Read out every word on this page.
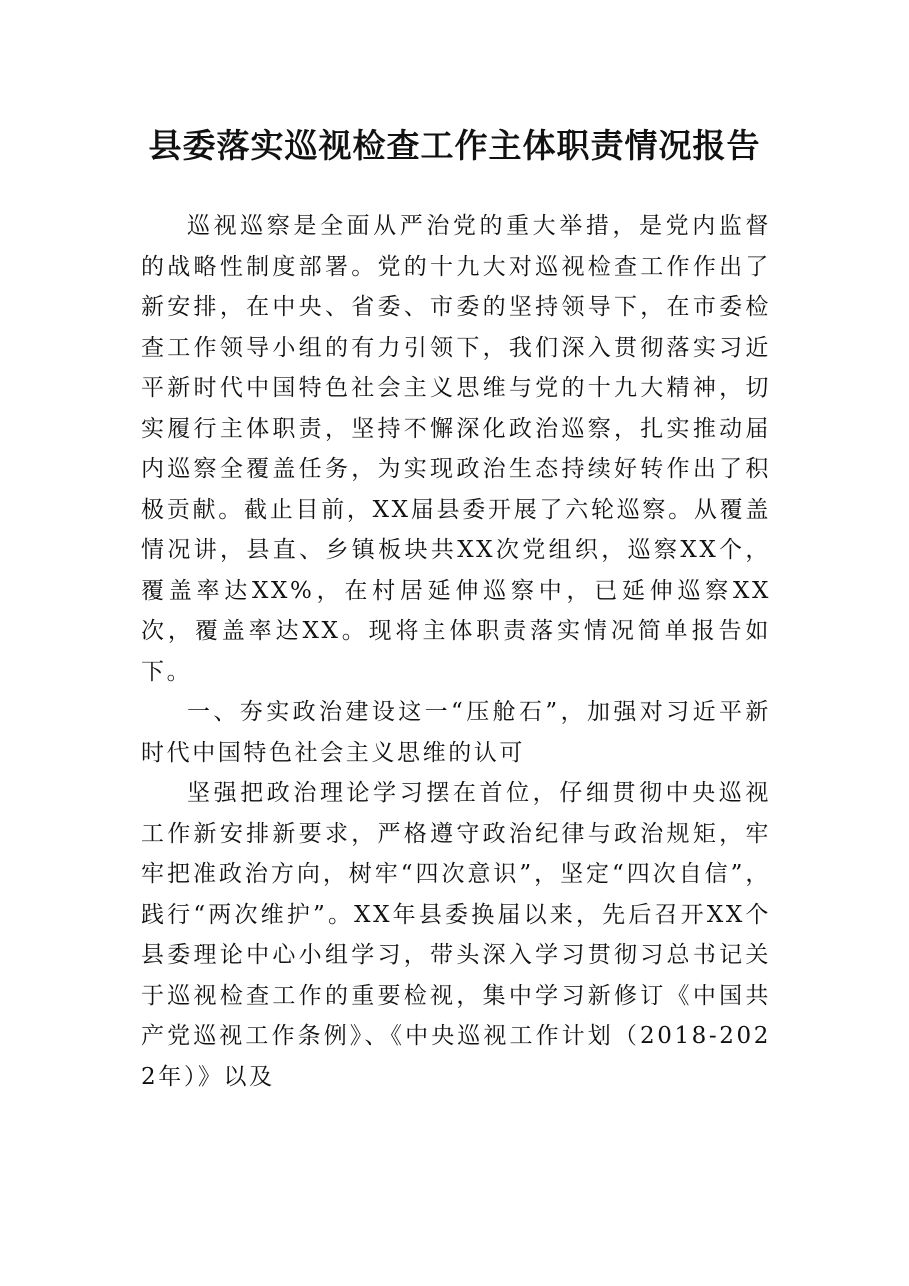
县委落实巡视检查工作主体职责情况报告

巡视巡察是全面从严治党的重大举措，是党内监督的战略性制度部署。党的十九大对巡视检查工作作出了新安排，在中央、省委、市委的坚持领导下，在市委检查工作领导小组的有力引领下，我们深入贯彻落实习近平新时代中国特色社会主义思维与党的十九大精神，切实履行主体职责，坚持不懈深化政治巡察，扎实推动届内巡察全覆盖任务，为实现政治生态持续好转作出了积极贡献。截止目前，XX届县委开展了六轮巡察。从覆盖情况讲，县直、乡镇板块共XX次党组织，巡察XX个，覆盖率达XX%，在村居延伸巡察中，已延伸巡察XX次，覆盖率达XX。现将主体职责落实情况简单报告如下。

一、夯实政治建设这一“压舱石”，加强对习近平新时代中国特色社会主义思维的认可

坚强把政治理论学习摆在首位，仔细贯彻中央巡视工作新安排新要求，严格遵守政治纪律与政治规矩，牢牢把准政治方向，树牢“四次意识”，坚定“四次自信”，践行“两次维护”。XX年县委换届以来，先后召开XX个县委理论中心小组学习，带头深入学习贯彻习总书记关于巡视检查工作的重要检视，集中学习新修订《中国共产党巡视工作条例》、《中央巡视工作计划（2018-2022年）》以及
